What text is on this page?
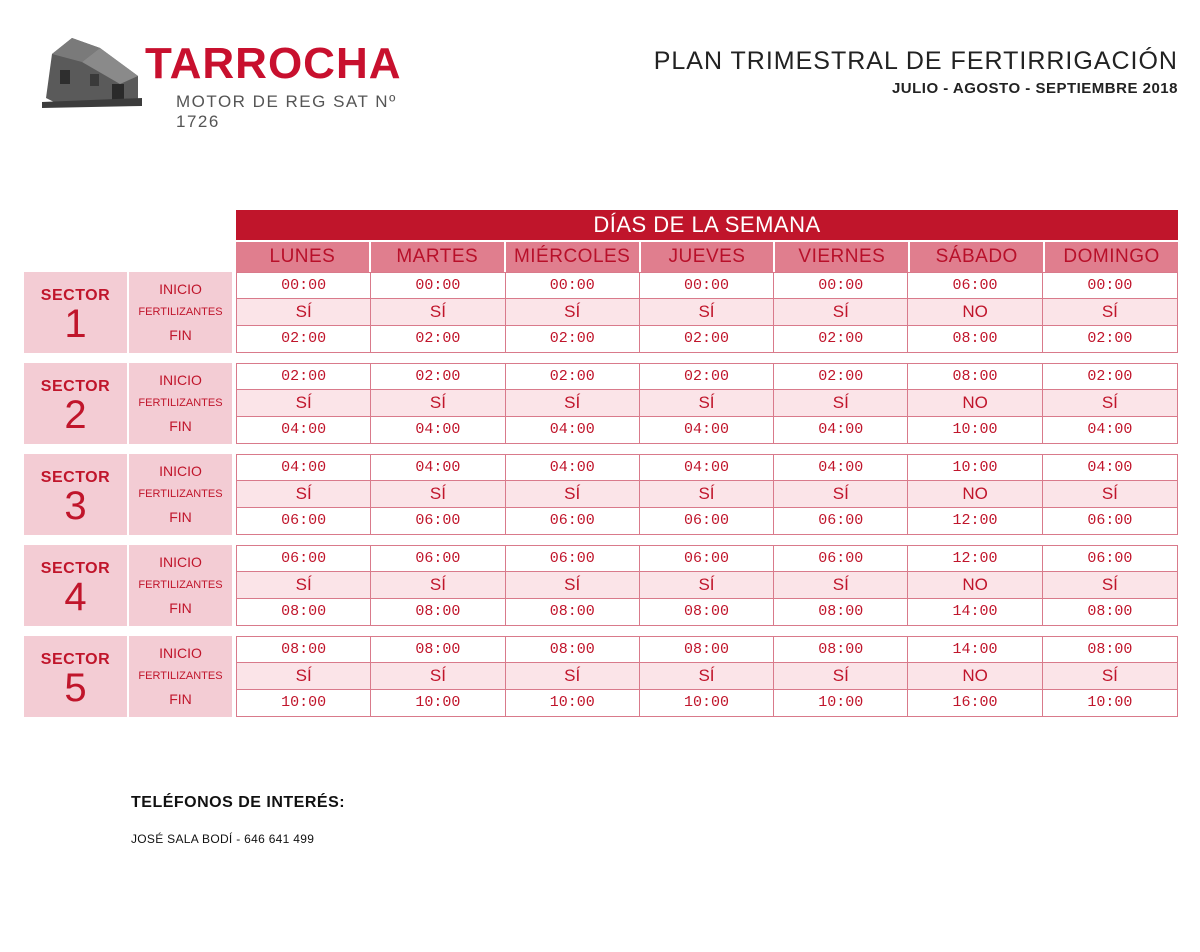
TARROCHA
MOTOR DE REG SAT Nº 1726
PLAN TRIMESTRAL DE FERTIRRIGACIÓN
JULIO - AGOSTO - SEPTIEMBRE 2018
DÍAS DE LA SEMANA
LUNES	MARTES	MIÉRCOLES	JUEVES	VIERNES	SÁBADO	DOMINGO
SECTOR
1
INICIO
FERTILIZANTES
FIN
00:00	00:00	00:00	00:00	00:00	06:00	00:00
SÍ	SÍ	SÍ	SÍ	SÍ	NO	SÍ
02:00	02:00	02:00	02:00	02:00	08:00	02:00
SECTOR
2
INICIO
FERTILIZANTES
FIN
02:00	02:00	02:00	02:00	02:00	08:00	02:00
SÍ	SÍ	SÍ	SÍ	SÍ	NO	SÍ
04:00	04:00	04:00	04:00	04:00	10:00	04:00
SECTOR
3
INICIO
FERTILIZANTES
FIN
04:00	04:00	04:00	04:00	04:00	10:00	04:00
SÍ	SÍ	SÍ	SÍ	SÍ	NO	SÍ
06:00	06:00	06:00	06:00	06:00	12:00	06:00
SECTOR
4
INICIO
FERTILIZANTES
FIN
06:00	06:00	06:00	06:00	06:00	12:00	06:00
SÍ	SÍ	SÍ	SÍ	SÍ	NO	SÍ
08:00	08:00	08:00	08:00	08:00	14:00	08:00
SECTOR
5
INICIO
FERTILIZANTES
FIN
08:00	08:00	08:00	08:00	08:00	14:00	08:00
SÍ	SÍ	SÍ	SÍ	SÍ	NO	SÍ
10:00	10:00	10:00	10:00	10:00	16:00	10:00
TELÉFONOS DE INTERÉS:
JOSÉ SALA BODÍ - 646 641 499
